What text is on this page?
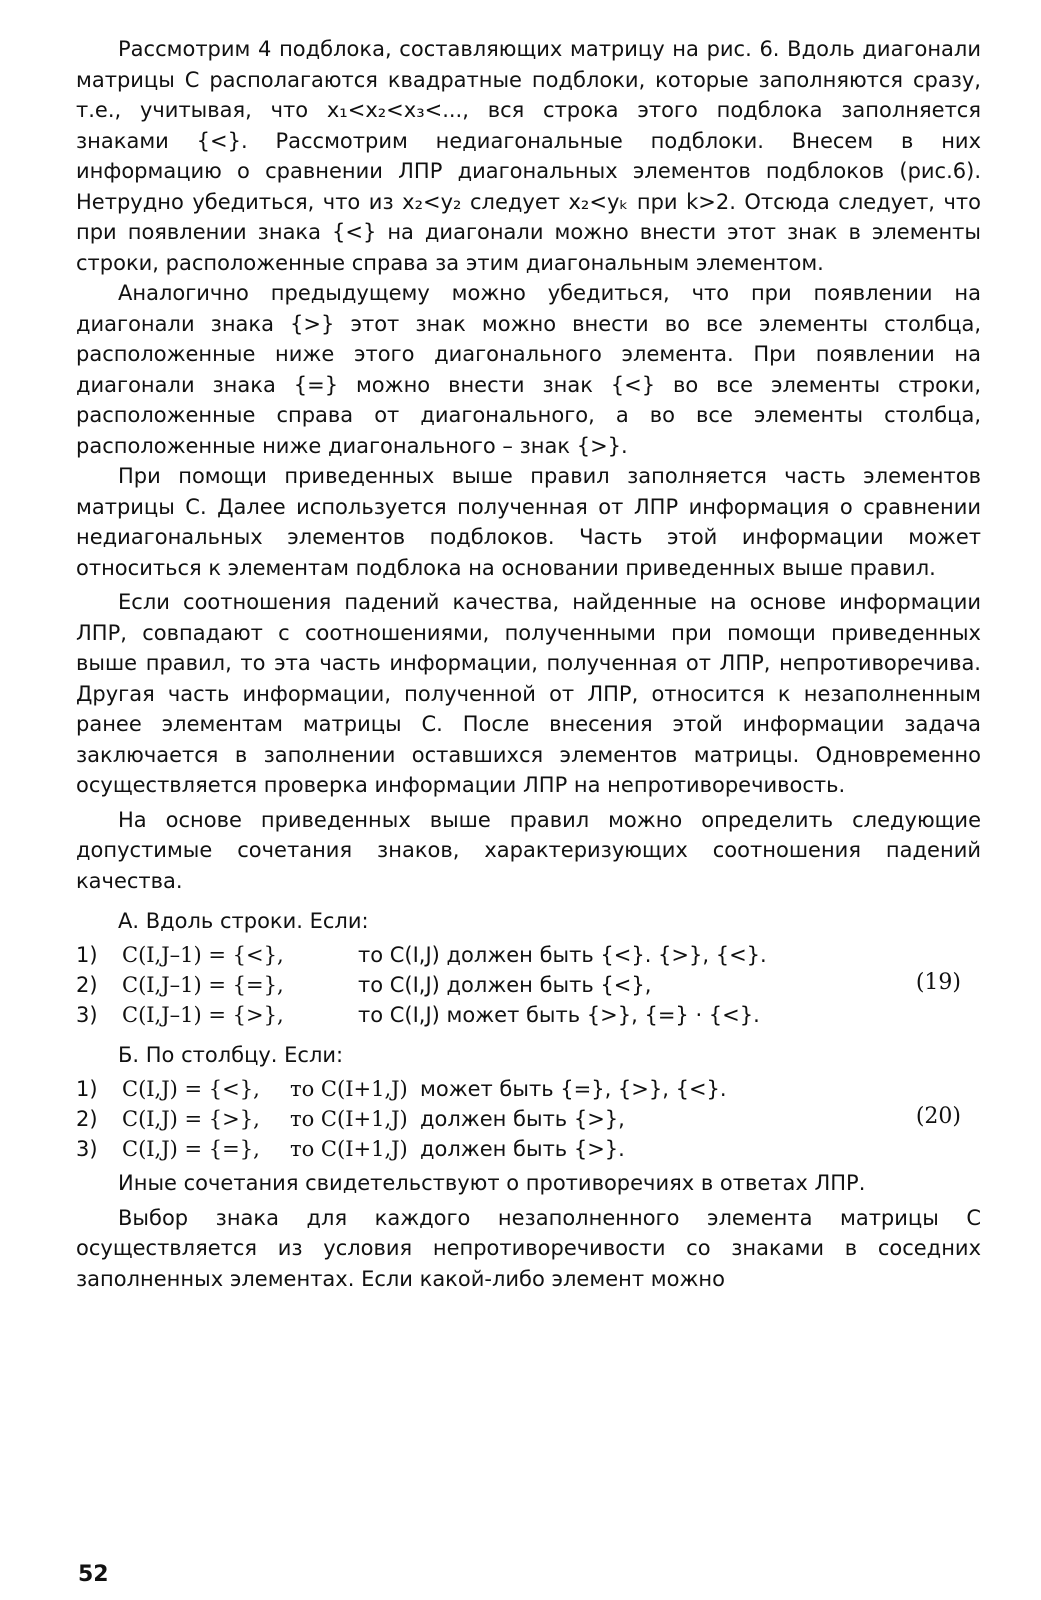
Рассмотрим 4 подблока, составляющих матрицу на рис. 6. Вдоль диагонали матрицы С располагаются квадратные подблоки, которые заполняются сразу, т.е., учитывая, что x₁<x₂<x₃<..., вся строка этого подблока заполняется знаками {<}. Рассмотрим недиагональные подблоки. Внесем в них информацию о сравнении ЛПР диагональных элементов подблоков (рис.6). Нетрудно убедиться, что из x₂<y₂ следует x₂<yₖ при k>2. Отсюда следует, что при появлении знака {<} на диагонали можно внести этот знак в элементы строки, расположенные справа за этим диагональным элементом.

Аналогично предыдущему можно убедиться, что при появлении на диагонали знака {>} этот знак можно внести во все элементы столбца, расположенные ниже этого диагонального элемента. При появлении на диагонали знака {=} можно внести знак {<} во все элементы строки, расположенные справа от диагонального, а во все элементы столбца, расположенные ниже диагонального – знак {>}.

При помощи приведенных выше правил заполняется часть элементов матрицы С. Далее используется полученная от ЛПР информация о сравнении недиагональных элементов подблоков. Часть этой информации может относиться к элементам подблока на основании приведенных выше правил.

Если соотношения падений качества, найденные на основе информации ЛПР, совпадают с соотношениями, полученными при помощи приведенных выше правил, то эта часть информации, полученная от ЛПР, непротиворечива. Другая часть информации, полученной от ЛПР, относится к незаполненным ранее элементам матрицы С. После внесения этой информации задача заключается в заполнении оставшихся элементов матрицы. Одновременно осуществляется проверка информации ЛПР на непротиворечивость.

На основе приведенных выше правил можно определить следующие допустимые сочетания знаков, характеризующих соотношения падений качества.

А. Вдоль строки. Если:
1)	C(I,J–1) = {<},	то C(I,J) должен быть {<}. {>}, {<}.
2)	C(I,J–1) = {=},	то C(I,J) должен быть {<},
3)	C(I,J–1) = {>},	то C(I,J) может быть {>}, {=} · {<}.
(19)
Б. По столбцу. Если:
1)	C(I,J) = {<},	то C(I+1,J) может быть {=}, {>}, {<}.
2)	C(I,J) = {>},	то C(I+1,J) должен быть {>},
3)	C(I,J) = {=},	то C(I+1,J) должен быть {>}.
(20)

Иные сочетания свидетельствуют о противоречиях в ответах ЛПР.

Выбор знака для каждого незаполненного элемента матрицы С осуществляется из условия непротиворечивости со знаками в соседних заполненных элементах. Если какой-либо элемент можно

52
